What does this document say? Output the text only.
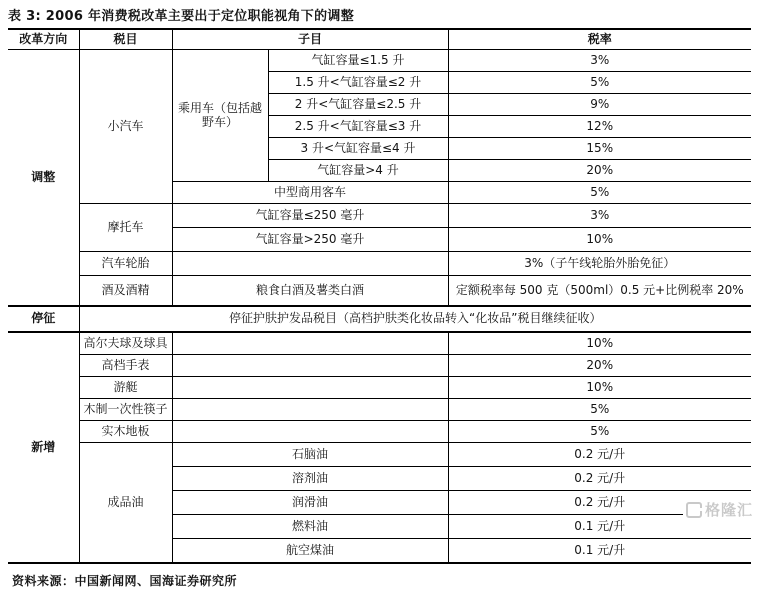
表 3: 2006 年消费税改革主要出于定位职能视角下的调整
改革方向	税目	子目		税率
调整	小汽车	乘用车（包括越野车）	气缸容量≤1.5 升	3%
			1.5 升<气缸容量≤2 升	5%
			2 升<气缸容量≤2.5 升	9%
			2.5 升<气缸容量≤3 升	12%
			3 升<气缸容量≤4 升	15%
			气缸容量>4 升	20%
		中型商用客车		5%
	摩托车	气缸容量≤250 毫升		3%
		气缸容量>250 毫升		10%
	汽车轮胎			3%（子午线轮胎外胎免征）
	酒及酒精	粮食白酒及薯类白酒		定额税率每 500 克（500ml）0.5 元+比例税率 20%
停征	停征护肤护发品税目（高档护肤类化妆品转入“化妆品”税目继续征收）			
新增	高尔夫球及球具			10%
	高档手表			20%
	游艇			10%
	木制一次性筷子			5%
	实木地板			5%
	成品油	石脑油		0.2 元/升
		溶剂油		0.2 元/升
		润滑油		0.2 元/升
		燃料油		0.1 元/升
		航空煤油		0.1 元/升
资料来源：中国新闻网、国海证券研究所
格隆汇
